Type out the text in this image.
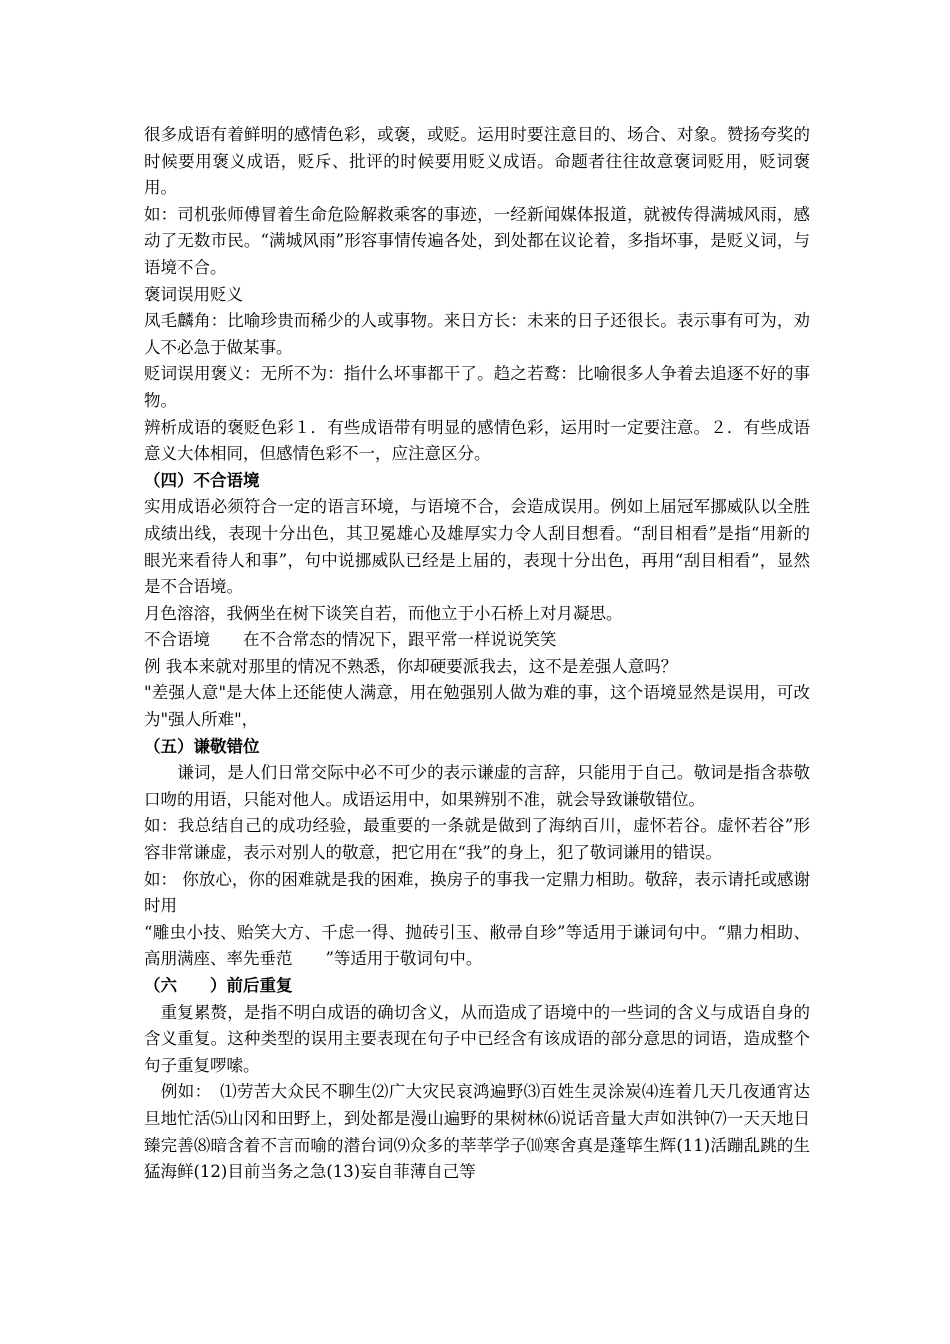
很多成语有着鲜明的感情色彩，或褒，或贬。运用时要注意目的、场合、对象。赞扬夸奖的时候要用褒义成语，贬斥、批评的时候要用贬义成语。命题者往往故意褒词贬用，贬词褒用。

如：司机张师傅冒着生命危险解救乘客的事迹，一经新闻媒体报道，就被传得满城风雨，感动了无数市民。“满城风雨”形容事情传遍各处，到处都在议论着，多指坏事，是贬义词，与语境不合。

褒词误用贬义

凤毛麟角：比喻珍贵而稀少的人或事物。来日方长：未来的日子还很长。表示事有可为，劝人不必急于做某事。

贬词误用褒义：无所不为：指什么坏事都干了。趋之若鹜：比喻很多人争着去追逐不好的事物。

辨析成语的褒贬色彩１．有些成语带有明显的感情色彩，运用时一定要注意。２．有些成语意义大体相同，但感情色彩不一，应注意区分。

（四）不合语境

实用成语必须符合一定的语言环境，与语境不合，会造成误用。例如上届冠军挪威队以全胜成绩出线，表现十分出色，其卫冕雄心及雄厚实力令人刮目想看。“刮目相看”是指“用新的眼光来看待人和事”，句中说挪威队已经是上届的，表现十分出色，再用“刮目相看”，显然是不合语境。

月色溶溶，我俩坐在树下谈笑自若，而他立于小石桥上对月凝思。

不合语境　　在不合常态的情况下，跟平常一样说说笑笑

例 我本来就对那里的情况不熟悉，你却硬要派我去，这不是差强人意吗？

"差强人意"是大体上还能使人满意，用在勉强别人做为难的事，这个语境显然是误用，可改为"强人所难"，

（五）谦敬错位

　　谦词，是人们日常交际中必不可少的表示谦虚的言辞，只能用于自己。敬词是指含恭敬口吻的用语，只能对他人。成语运用中，如果辨别不准，就会导致谦敬错位。

如：我总结自己的成功经验，最重要的一条就是做到了海纳百川，虚怀若谷。虚怀若谷”形容非常谦虚，表示对别人的敬意，把它用在“我”的身上，犯了敬词谦用的错误。

如： 你放心，你的困难就是我的困难，换房子的事我一定鼎力相助。敬辞，表示请托或感谢时用

“雕虫小技、贻笑大方、千虑一得、抛砖引玉、敝帚自珍”等适用于谦词句中。“鼎力相助、高朋满座、率先垂范　　”等适用于敬词句中。

（六　　）前后重复

　重复累赘，是指不明白成语的确切含义，从而造成了语境中的一些词的含义与成语自身的含义重复。这种类型的误用主要表现在句子中已经含有该成语的部分意思的词语，造成整个句子重复啰嗦。

　例如：　⑴劳苦大众民不聊生⑵广大灾民哀鸿遍野⑶百姓生灵涂炭⑷连着几天几夜通宵达旦地忙活⑸山冈和田野上，到处都是漫山遍野的果树林⑹说话音量大声如洪钟⑺一天天地日臻完善⑻暗含着不言而喻的潜台词⑼众多的莘莘学子⑽寒舍真是蓬筚生辉(11)活蹦乱跳的生猛海鲜(12)目前当务之急(13)妄自菲薄自己等
